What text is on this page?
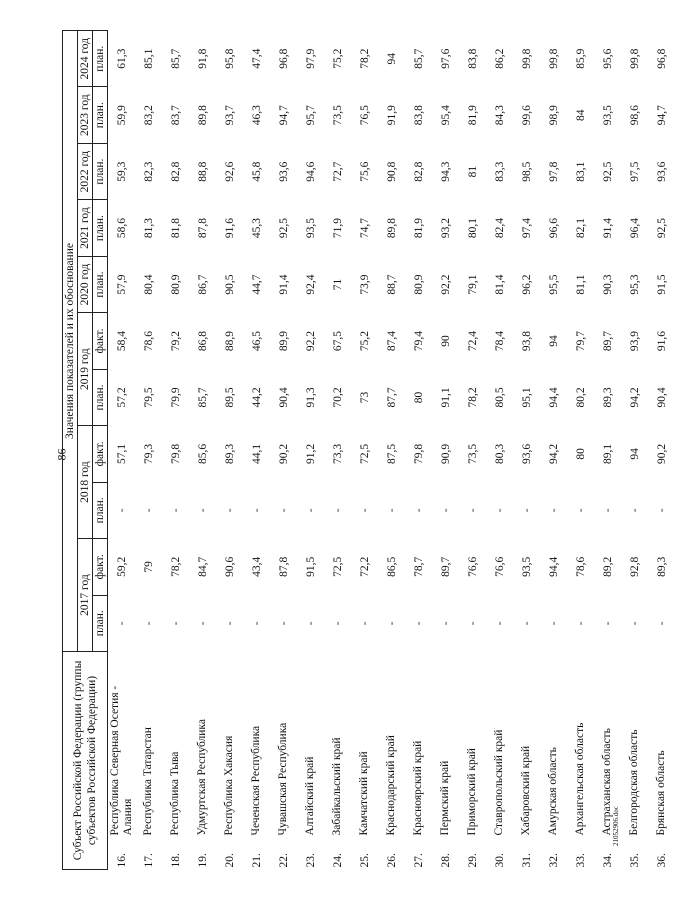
86
21052906.doc
Субъект Российской Федерации (группы субъектов Российской Федерации)		Значения показателей и их обоснование										
		2017 год		2018 год		2019 год		2020 год	2021 год	2022 год	2023 год	2024 год
		план.	факт.	план.	факт.	план.	факт.	план.	план.	план.	план.	план.
16.	Республика Северная Осетия - Алания	-	59,2	-	57,1	57,2	58,4	57,9	58,6	59,3	59,9	61,3
17.	Республика Татарстан	-	79	-	79,3	79,5	78,6	80,4	81,3	82,3	83,2	85,1
18.	Республика Тыва	-	78,2	-	79,8	79,9	79,2	80,9	81,8	82,8	83,7	85,7
19.	Удмуртская Республика	-	84,7	-	85,6	85,7	86,8	86,7	87,8	88,8	89,8	91,8
20.	Республика Хакасия	-	90,6	-	89,3	89,5	88,9	90,5	91,6	92,6	93,7	95,8
21.	Чеченская Республика	-	43,4	-	44,1	44,2	46,5	44,7	45,3	45,8	46,3	47,4
22.	Чувашская Республика	-	87,8	-	90,2	90,4	89,9	91,4	92,5	93,6	94,7	96,8
23.	Алтайский край	-	91,5	-	91,2	91,3	92,2	92,4	93,5	94,6	95,7	97,9
24.	Забайкальский край	-	72,5	-	73,3	70,2	67,5	71	71,9	72,7	73,5	75,2
25.	Камчатский край	-	72,2	-	72,5	73	75,2	73,9	74,7	75,6	76,5	78,2
26.	Краснодарский край	-	86,5	-	87,5	87,7	87,4	88,7	89,8	90,8	91,9	94
27.	Красноярский край	-	78,7	-	79,8	80	79,4	80,9	81,9	82,8	83,8	85,7
28.	Пермский край	-	89,7	-	90,9	91,1	90	92,2	93,2	94,3	95,4	97,6
29.	Приморский край	-	76,6	-	73,5	78,2	72,4	79,1	80,1	81	81,9	83,8
30.	Ставропольский край	-	76,6	-	80,3	80,5	78,4	81,4	82,4	83,3	84,3	86,2
31.	Хабаровский край	-	93,5	-	93,6	95,1	93,8	96,2	97,4	98,5	99,6	99,8
32.	Амурская область	-	94,4	-	94,2	94,4	94	95,5	96,6	97,8	98,9	99,8
33.	Архангельская область	-	78,6	-	80	80,2	79,7	81,1	82,1	83,1	84	85,9
34.	Астраханская область	-	89,2	-	89,1	89,3	89,7	90,3	91,4	92,5	93,5	95,6
35.	Белгородская область	-	92,8	-	94	94,2	93,9	95,3	96,4	97,5	98,6	99,8
36.	Брянская область	-	89,3	-	90,2	90,4	91,6	91,5	92,5	93,6	94,7	96,8
